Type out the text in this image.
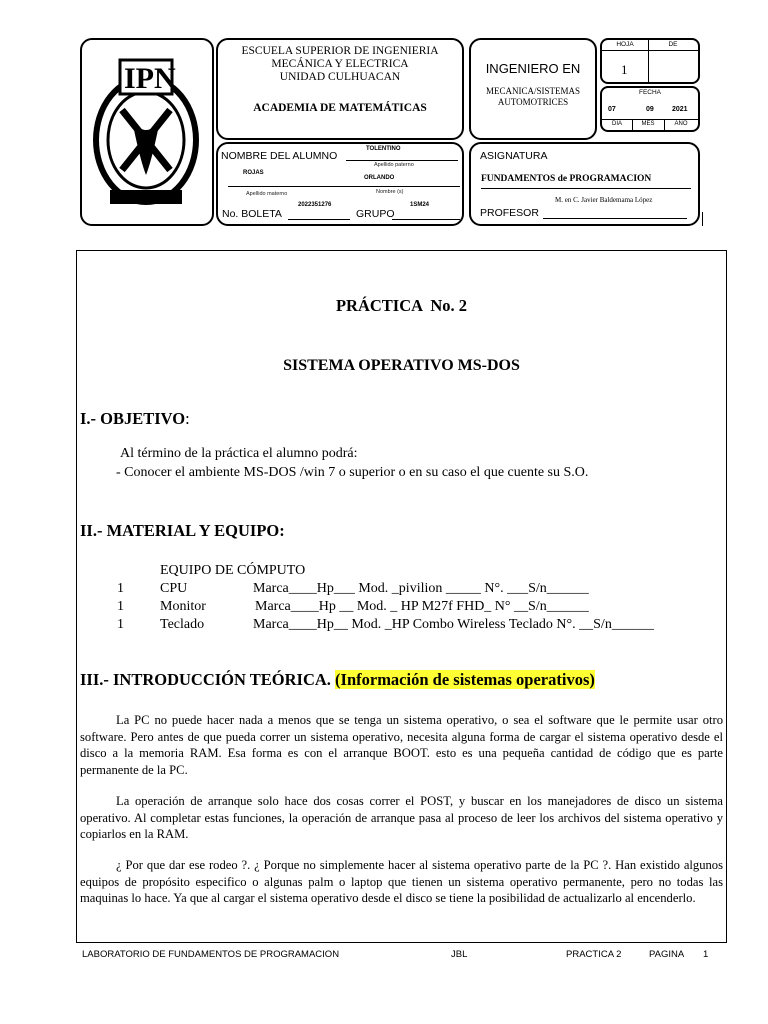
IPN
ESCUELA SUPERIOR DE INGENIERIA
MECÁNICA Y ELECTRICA
UNIDAD CULHUACAN
ACADEMIA DE MATEMÁTICAS
INGENIERO EN
MECANICA/SISTEMAS
AUTOMOTRICES
HOJA	DE
1
FECHA
07	09	2021
DIA	MES	AÑO
NOMBRE DEL ALUMNO
TOLENTINO
Apellido paterno
ROJAS
ORLANDO
Apellido materno	Nombre (s)
No. BOLETA
2022351276
GRUPO
1SM24
ASIGNATURA
FUNDAMENTOS de PROGRAMACION
M. en C. Javier Baldemama López
PROFESOR
PRÁCTICA  No. 2
SISTEMA OPERATIVO MS-DOS
I.- OBJETIVO:
Al término de la práctica el alumno podrá:
- Conocer el ambiente MS-DOS /win 7 o superior o en su caso el que cuente su S.O.
II.- MATERIAL Y EQUIPO:
EQUIPO DE CÓMPUTO
1	CPU	Marca____Hp___ Mod. _pivilion _____ N°. ___S/n______
1	Monitor	Marca____Hp __ Mod. _ HP M27f FHD_ N° __S/n______
1	Teclado	Marca____Hp__ Mod. _HP Combo Wireless Teclado N°. __S/n______
III.- INTRODUCCIÓN TEÓRICA. (Información de sistemas operativos)
La PC no puede hacer nada a menos que se tenga un sistema operativo, o sea el software que le permite usar otro software. Pero antes de que pueda correr un sistema operativo, necesita alguna forma de cargar el sistema operativo desde el disco a la memoria RAM. Esa forma es con el arranque BOOT. esto es una pequeña cantidad de código que es parte permanente de la PC.
La operación de arranque solo hace dos cosas correr el POST, y buscar en los manejadores de disco un sistema operativo. Al completar estas funciones, la operación de arranque pasa al proceso de leer los archivos del sistema operativo y copiarlos en la RAM.
¿ Por que dar ese rodeo ?. ¿ Porque no simplemente hacer al sistema operativo parte de la PC ?. Han existido algunos equipos de propósito especifico o algunas palm o laptop que tienen un sistema operativo permanente, pero no todas las maquinas lo hace. Ya que al cargar el sistema operativo desde el disco se tiene la posibilidad de actualizarlo al encenderlo.
LABORATORIO DE FUNDAMENTOS DE PROGRAMACION	JBL	PRACTICA 2	PAGINA 1
